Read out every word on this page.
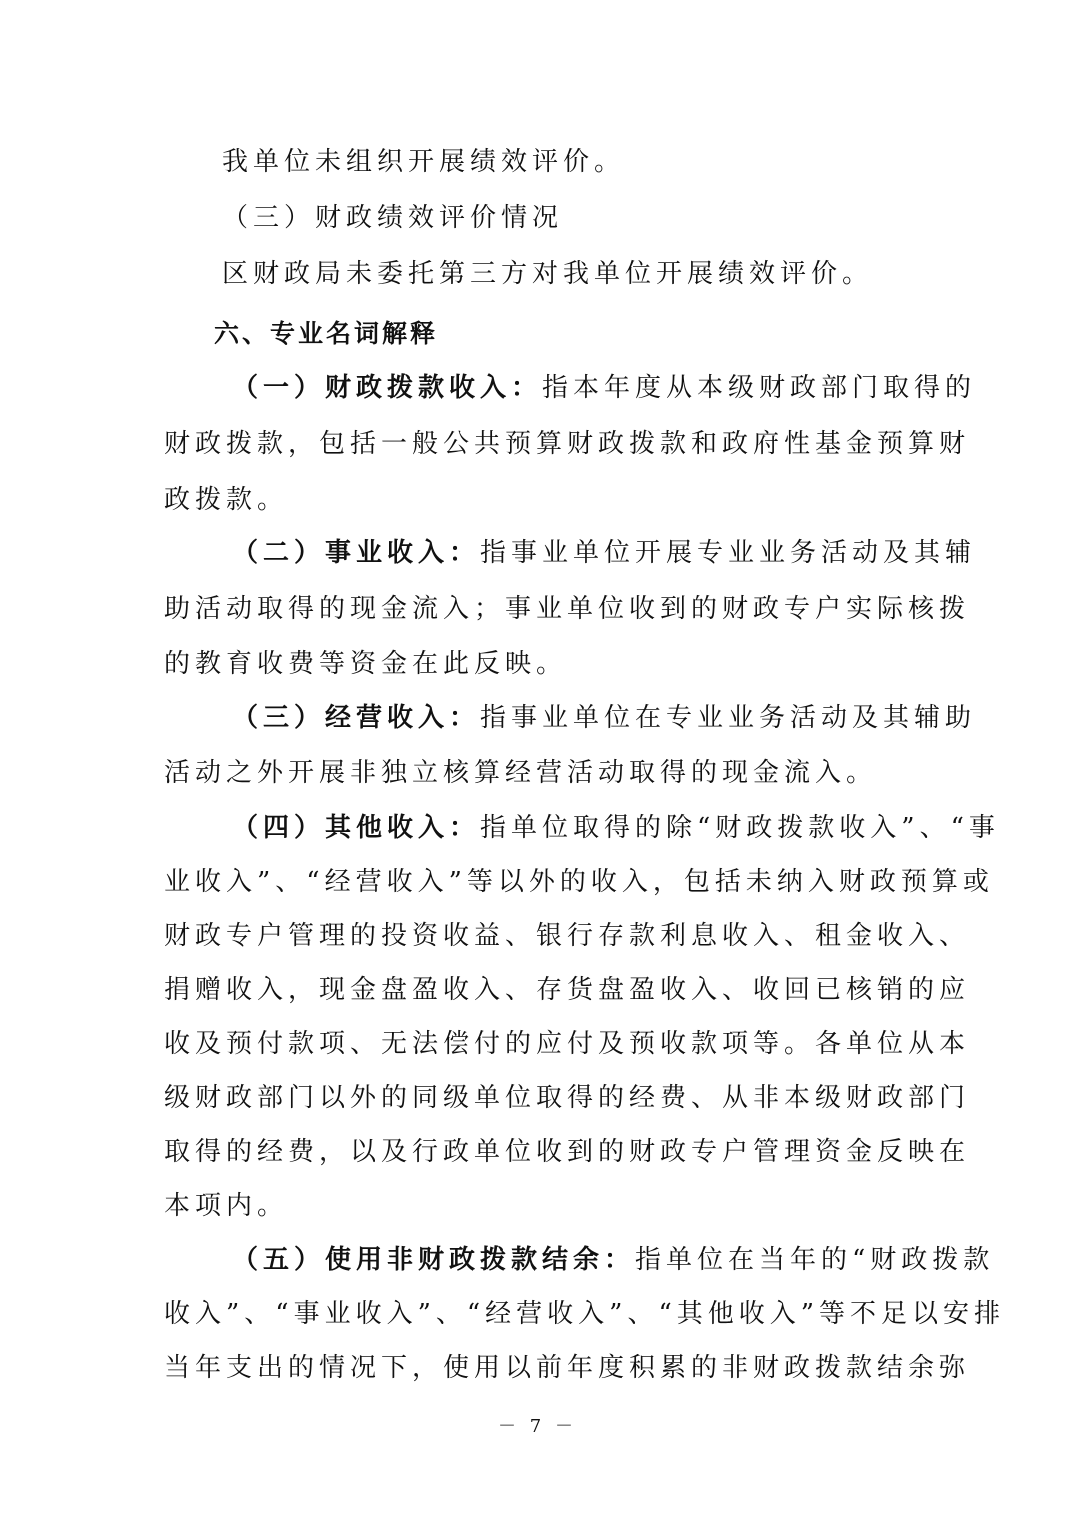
我单位未组织开展绩效评价。
（三）财政绩效评价情况
区财政局未委托第三方对我单位开展绩效评价。
六、专业名词解释
（一）财政拨款收入：指本年度从本级财政部门取得的
财政拨款，包括一般公共预算财政拨款和政府性基金预算财
政拨款。
（二）事业收入：指事业单位开展专业业务活动及其辅
助活动取得的现金流入；事业单位收到的财政专户实际核拨
的教育收费等资金在此反映。
（三）经营收入：指事业单位在专业业务活动及其辅助
活动之外开展非独立核算经营活动取得的现金流入。
（四）其他收入：指单位取得的除“财政拨款收入”、“事
业收入”、“经营收入”等以外的收入，包括未纳入财政预算或
财政专户管理的投资收益、银行存款利息收入、租金收入、
捐赠收入，现金盘盈收入、存货盘盈收入、收回已核销的应
收及预付款项、无法偿付的应付及预收款项等。各单位从本
级财政部门以外的同级单位取得的经费、从非本级财政部门
取得的经费，以及行政单位收到的财政专户管理资金反映在
本项内。
（五）使用非财政拨款结余：指单位在当年的“财政拨款
收入”、“事业收入”、“经营收入”、“其他收入”等不足以安排
当年支出的情况下，使用以前年度积累的非财政拨款结余弥
－ 7 －
